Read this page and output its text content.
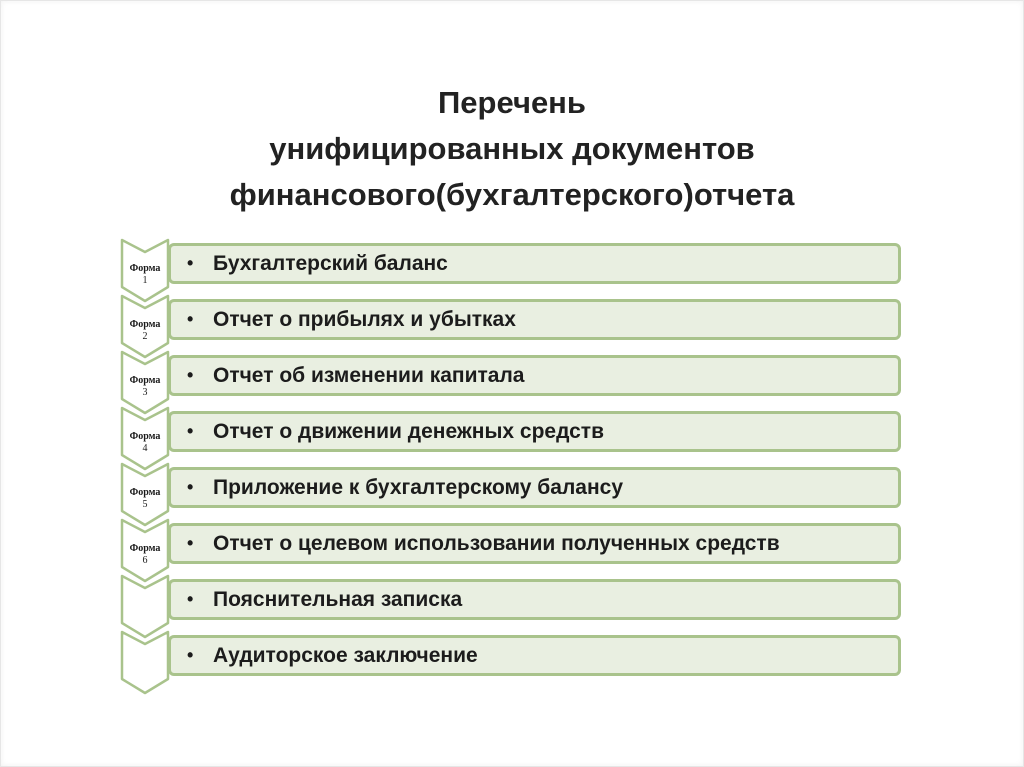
Перечень
унифицированных документов
финансового(бухгалтерского)отчета
Форма
1
• Бухгалтерский баланс
Форма
2
• Отчет о прибылях и убытках
Форма
3
• Отчет об изменении капитала
Форма
4
• Отчет о движении денежных средств
Форма
5
• Приложение к бухгалтерскому балансу
Форма
6
• Отчет о целевом использовании полученных средств
• Пояснительная записка
• Аудиторское заключение
